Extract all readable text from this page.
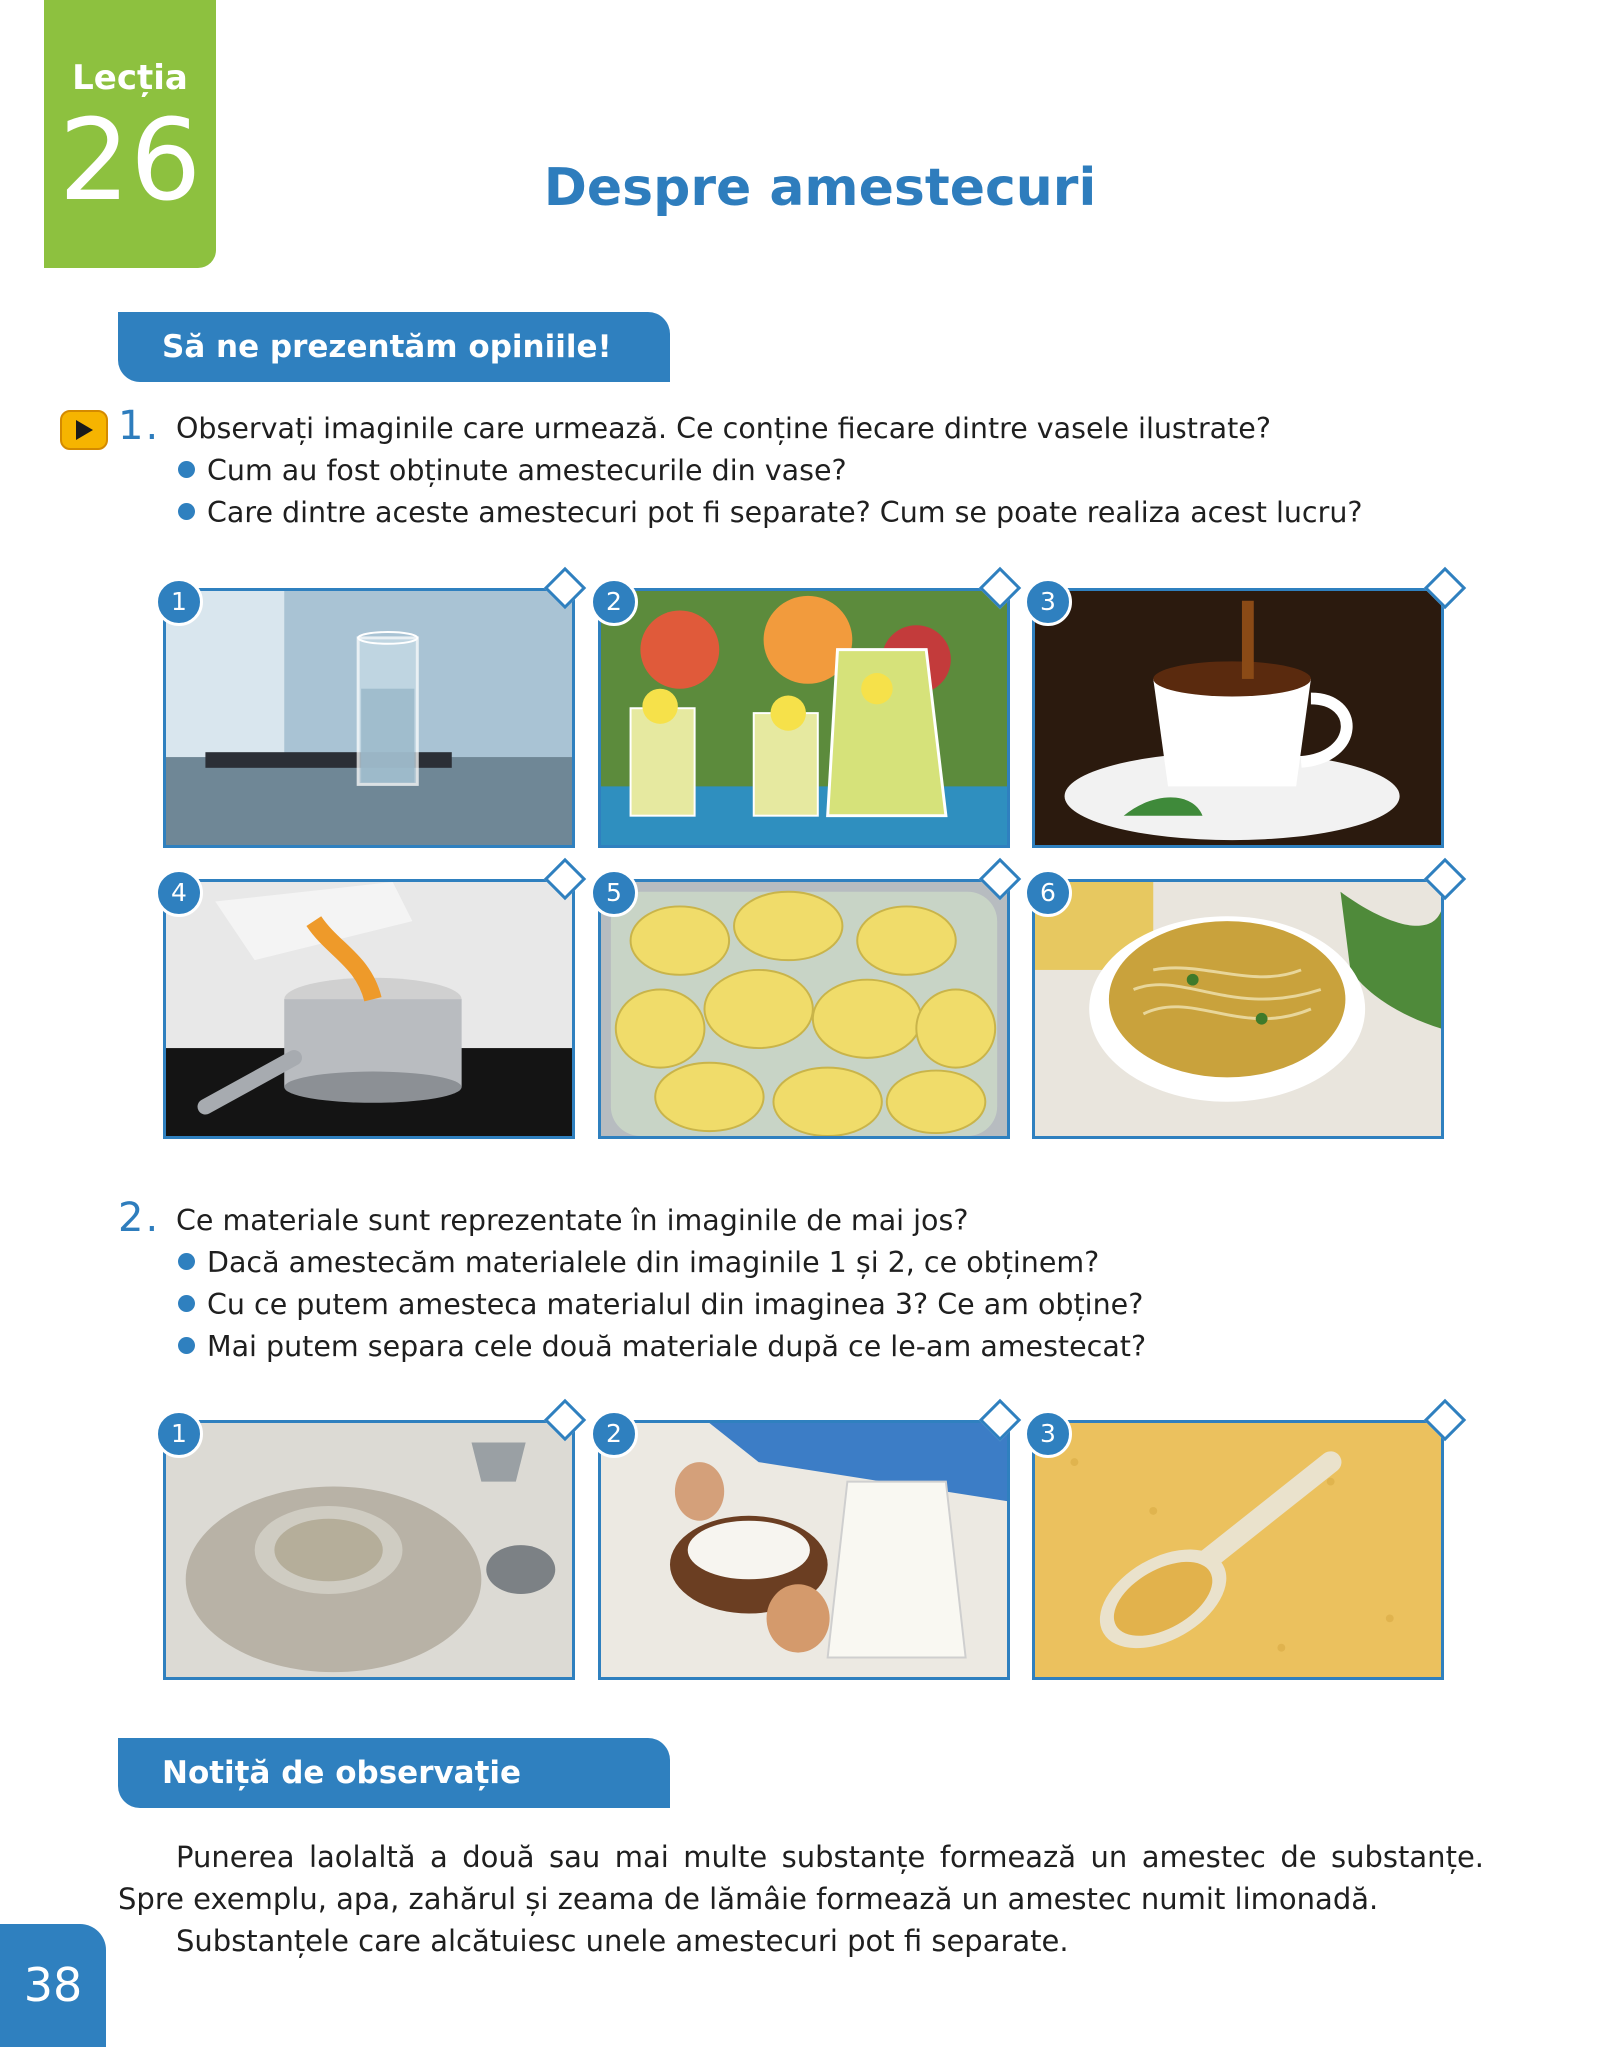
Lecția
26	Despre amestecuri
Să ne prezentăm opiniile!
1. Observați imaginile care urmează. Ce conține fiecare dintre vasele ilustrate?
Cum au fost obținute amestecurile din vase?
Care dintre aceste amestecuri pot fi separate? Cum se poate realiza acest lucru?
1	2	3
4	5	6
2. Ce materiale sunt reprezentate în imaginile de mai jos?
Dacă amestecăm materialele din imaginile 1 și 2, ce obținem?
Cu ce putem amesteca materialul din imaginea 3? Ce am obține?
Mai putem separa cele două materiale după ce le-am amestecat?
1	2	3
Notiță de observație

Punerea laolaltă a două sau mai multe substanțe formează un amestec de substanțe. Spre exemplu, apa, zahărul și zeama de lămâie formează un amestec numit limonadă.

Substanțele care alcătuiesc unele amestecuri pot fi separate.

38
